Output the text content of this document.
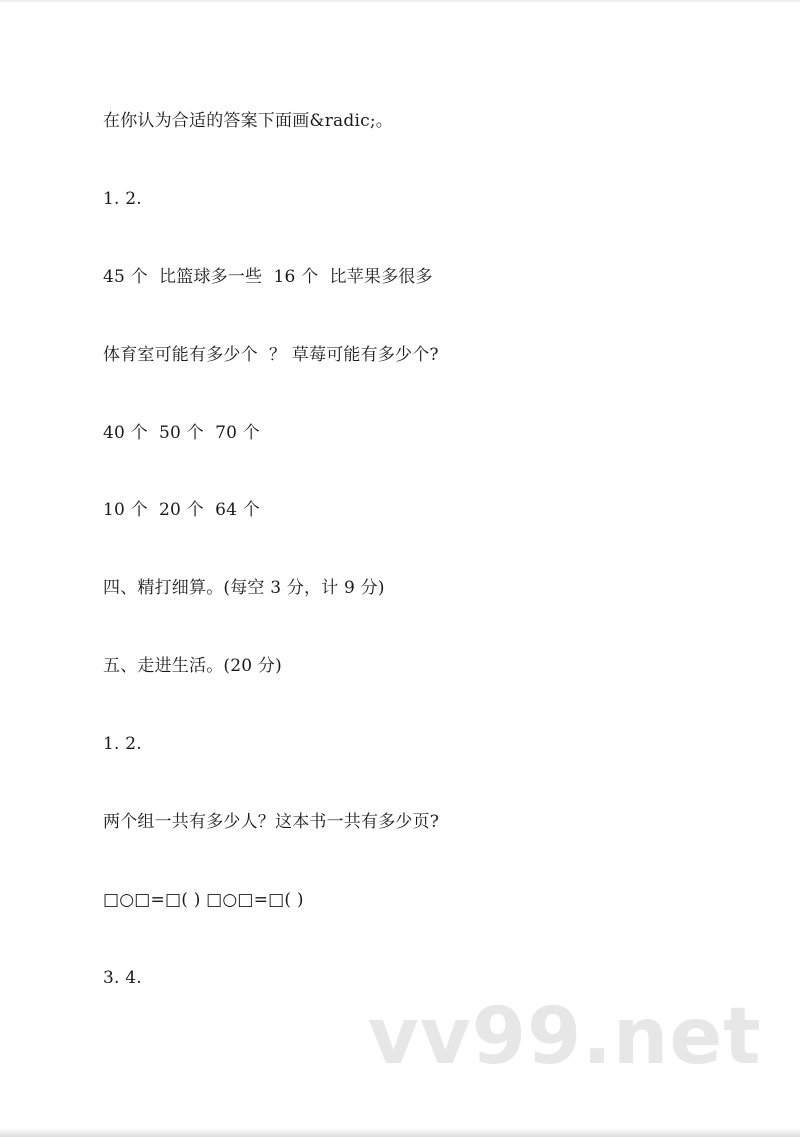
在你认为合适的答案下面画&radic;。
1. 2.
45 个  比篮球多一些  16 个  比苹果多很多
体育室可能有多少个  ？ 草莓可能有多少个?
40 个  50 个  70 个
10 个  20 个  64 个
四、精打细算。(每空 3 分，计 9 分)
五、走进生活。(20 分)
1. 2.
两个组一共有多少人？这本书一共有多少页?
□○□=□( ) □○□=□( )
3. 4.
vv99.net
